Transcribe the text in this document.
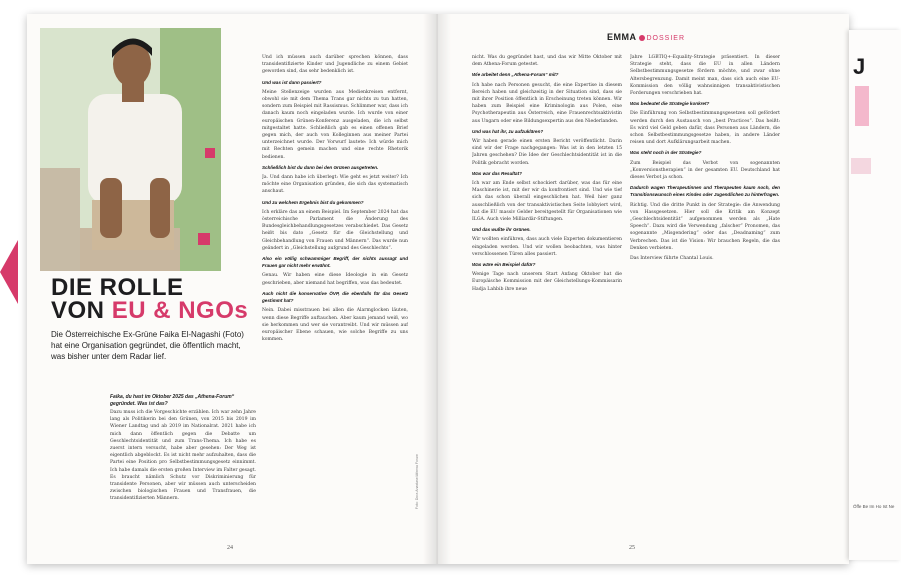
DIE ROLLE
VON EU & NGOs
Die Österreichische Ex-Grüne Faika El-Nagashi (Foto) hat eine Organisation gegründet, die öffentlich macht, was bisher unter dem Radar lief.
Faika, du hast im Oktober 2025 das „Athena-Forum“ gegründet. Was ist das?

Dazu muss ich die Vorgeschichte erzählen. Ich war zehn Jahre lang als Politikerin bei den Grünen, von 2015 bis 2019 im Wiener Landtag und ab 2019 im Nationalrat. 2021 habe ich mich dann öffentlich gegen die Debatte um Geschlechtsidentität und zum Trans-Thema. Ich habe es zuerst intern versucht, habe aber gesehen: Der Weg ist eigentlich abgeblockt. Es ist nicht mehr aufzuhalten, dass die Partei eine Position pro Selbstbestimmungsgesetz einnimmt. Ich habe damals die ersten großen Interview im Falter gesagt. Es braucht nämlich Schutz vor Diskriminierung für transidente Personen, aber wir müssen auch unterscheiden zwischen biologischen Frauen und Transfrauen, die transidentifizierten Männern.

Und ich müssen auch darüber sprechen können, dass transidentifizierte Kinder und Jugendliche zu einem Gebiet geworden sind, das sehr bedenklich ist.

Und was ist dann passiert?

Meine Stellenzeige wurden aus Medienkreisen entfernt, obwohl sie mit dem Thema Trans gar nichts zu tun hatten, sondern zum Beispiel mit Rassismus. Schlimmer war, dass ich danach kaum noch eingeladen wurde. Ich wurde von einer europäischen Grünen-Konferenz ausgeladen, die ich selbst mitgestaltet hatte. Schließlich gab es einen offenen Brief gegen mich, der auch von Kolleginnen aus meiner Partei unterzeichnet wurde. Der Vorwurf lautete: Ich würde mich mit Rechten gemein machen und eine rechte Rhetorik bedienen.

Schließlich bist du dann bei den Grünen ausgetreten.

Ja. Und dann habe ich überlegt: Wie geht es jetzt weiter? Ich möchte eine Organisation gründen, die sich das systematisch anschaut.

Und zu welchem Ergebnis bist du gekommen?

Ich erkläre das an einem Beispiel. Im September 2024 hat das österreichische Parlament die Änderung des Bundesgleichbehandlungsgesetzes verabschiedet. Das Gesetz heißt bis dato „Gesetz für die Gleichstellung und Gleichbehandlung von Frauen und Männern“. Das wurde nun geändert in „Gleichstellung aufgrund des Geschlechts“.

Also ein völlig schwammiger Begriff, der nichts aussagt und Frauen gar nicht mehr erwähnt.

Genau. Wir haben eine diese Ideologie in ein Gesetz geschrieben, aber niemand hat begriffen, was das bedeutet.

Auch nicht die konservative ÖVP, die ebenfalls für das Gesetz gestimmt hat?

Nein. Dabei misstrauen bei allen die Alarmglocken läuten, wenn diese Begriffe auftauchen. Aber kaum jemand weiß, wo sie herkommen und wer sie vorantreibt. Und wir müssen auf europäischer Ebene schauen, wie solche Begriffe zu uns kommen.

Foto: Dora Anastase/Athena Forum
24
EMMA DOSSIER

nicht. Was du gegründet hast, und das wir Mitte Oktober mit dem Athena-Forum getestet.

Wie arbeitet denn „Athena-Forum“ mit?

Ich habe nach Personen gesucht, die eine Expertise in diesem Bereich haben und gleichzeitig in der Situation sind, dass sie mit ihrer Position öffentlich in Erscheinung treten können. Wir haben zum Beispiel eine Kriminologin aus Polen, eine Psychotherapeutin aus Österreich, eine Frauenrechtsaktivistin aus Ungarn oder eine Bildungsexpertin aus den Niederlanden.

Und was hat ihr, zu aufzuklären?

Wir haben gerade einen ersten Bericht veröffentlicht. Darin sind wir der Frage nachgegangen: Was ist in den letzten 15 Jahren geschehen? Die Idee der Geschlechtsidentität ist in die Politik gebracht worden.

Was war das Resultat?

Ich war am Ende selbst schockiert darüber, was das für eine Maschinerie ist, mit der wir da konfrontiert sind. Und wie tief sich das schon überall eingeschlichen hat. Weil hier ganz ausschließlich von der transaktivistischen Seite lobbyiert wird, hat die EU massiv Gelder bereitgestellt für Organisationen wie ILGA. Auch viele Milliardär-Stiftungen.

Und das wußte ihr Grünen.

Wir wollten einführen, dass auch viele Experten dokumentieren eingeladen werden. Und wir wollen beobachten, was hinter verschlossenen Türen alles passiert.

Was wäre ein Beispiel dafür?

Wenige Tage nach unserem Start Anfang Oktober hat die Europäische Kommission mit der Gleichstellungs-Kommissarin Hadja Lahbib ihre neue

Jahre LGBTIQ+-Equality-Strategie präsentiert. In dieser Strategie steht, dass die EU in allen Ländern Selbstbestimmungsgesetze fördern möchte, und zwar ohne Altersbegrenzung. Damit meint man, dass sich auch eine EU-Kommission den völlig wahnsinnigen transaktivistischen Forderungen verschrieben hat.

Was bedeutet die Strategie konkret?

Die Einführung von Selbstbestimmungsgesetzen soll gefördert werden durch den Austausch von „best Practices“. Das heißt: Es wird viel Geld geben dafür, dass Personen aus Ländern, die schon Selbstbestimmungsgesetze haben, in andere Länder reisen und dort Aufklärungsarbeit machen.

Was steht noch in der Strategie?

Zum Beispiel das Verbot von sogenannten „Konversionstherapien“ in der gesamten EU. Deutschland hat dieses Verbot ja schon.

Dadurch wagen Therapeutinnen und Therapeuten kaum noch, den Transitionswunsch eines Kindes oder Jugendlichen zu hinterfragen.

Richtig. Und die dritte Punkt in der Strategie: die Anwendung von Hassgesetzen. Hier soll die Kritik am Konzept „Geschlechtsidentität“ aufgenommen werden als „Hate Speech“. Dazu wird die Verwendung „falscher“ Pronomen, das sogenannte „Misgendering“ oder das „Deadnaming“ zum Verbrechen. Das ist die Vision: Wir brauchen Regeln, die das Denken verbieten.

Das Interview führte Chantal Louis.

25
J
Öffe Be Im Ho Ist Ne
